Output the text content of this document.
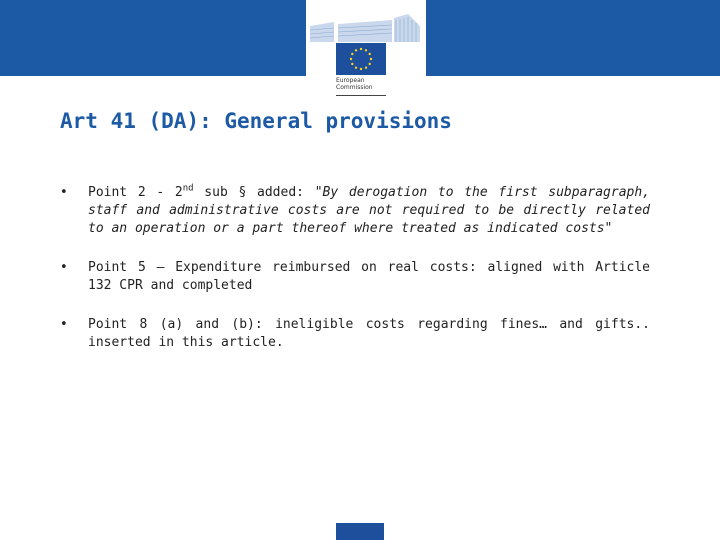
European
Commission
Art 41 (DA): General provisions
• Point 2 - 2nd sub § added: "By derogation to the first subparagraph, staff and administrative costs are not required to be directly related to an operation or a part thereof where treated as indicated costs"
• Point 5 – Expenditure reimbursed on real costs: aligned with Article 132 CPR and completed
• Point 8 (a) and (b): ineligible costs regarding fines… and gifts.. inserted in this article.
